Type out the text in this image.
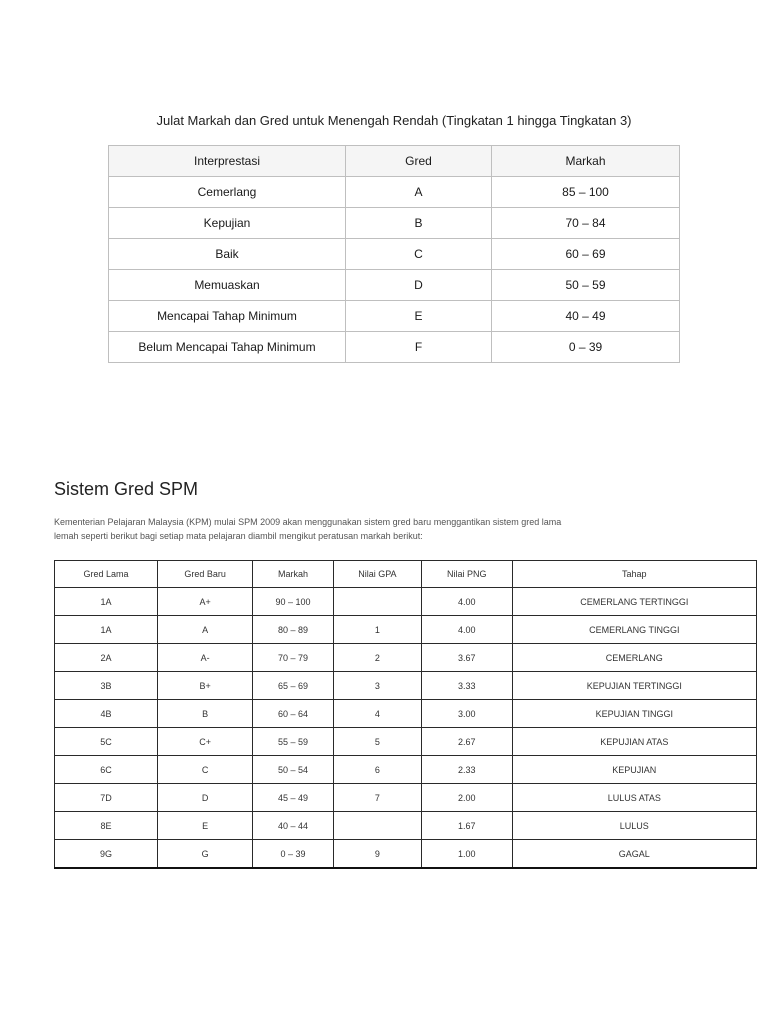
Julat Markah dan Gred untuk Menengah Rendah (Tingkatan 1 hingga Tingkatan 3)
Interprestasi	Gred	Markah
Cemerlang	A	85 – 100
Kepujian	B	70 – 84
Baik	C	60 – 69
Memuaskan	D	50 – 59
Mencapai Tahap Minimum	E	40 – 49
Belum Mencapai Tahap Minimum	F	0 – 39
Sistem Gred SPM
Kementerian Pelajaran Malaysia (KPM) mulai SPM 2009 akan menggunakan sistem gred baru menggantikan sistem gred lama
lemah seperti berikut bagi setiap mata pelajaran diambil mengikut peratusan markah berikut:
Gred Lama	Gred Baru	Markah	Nilai GPA	Nilai PNG	Tahap
1A	A+	90 – 100		4.00	CEMERLANG TERTINGGI
1A	A	80 – 89	1	4.00	CEMERLANG TINGGI
2A	A-	70 – 79	2	3.67	CEMERLANG
3B	B+	65 – 69	3	3.33	KEPUJIAN TERTINGGI
4B	B	60 – 64	4	3.00	KEPUJIAN TINGGI
5C	C+	55 – 59	5	2.67	KEPUJIAN ATAS
6C	C	50 – 54	6	2.33	KEPUJIAN
7D	D	45 – 49	7	2.00	LULUS ATAS
8E	E	40 – 44		1.67	LULUS
9G	G	0 – 39	9	1.00	GAGAL
